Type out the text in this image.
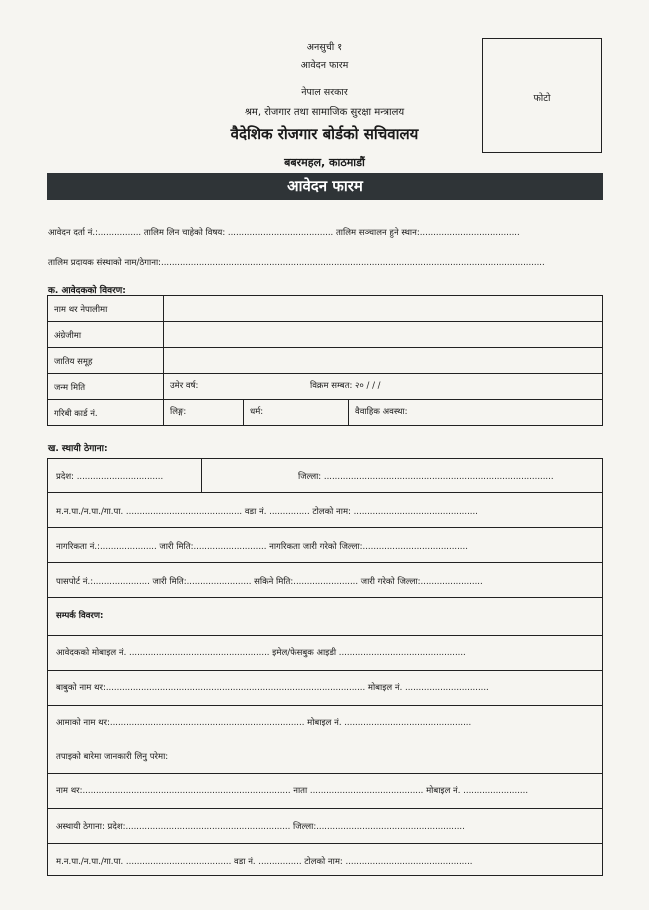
अनसुची १
आवेदन फारम
नेपाल सरकार
श्रम, रोजगार तथा सामाजिक सुरक्षा मन्त्रालय
वैदेशिक रोजगार बोर्डको सचिवालय
बबरमहल, काठमाडौं
फोटो
आवेदन फारम
आवेदन दर्ता नं.:................ तालिम लिन चाहेको विषय: ....................................... तालिम सञ्चालन हुने स्थान:.....................................
तालिम प्रदायक संस्थाको नाम/ठेगाना:..............................................................................................................................................
क. आवेदकको विवरण:
नाम थर नेपालीमा
अंग्रेजीमा
जातिय समूह
जन्म मिति	उमेर वर्ष:	विक्रम सम्बत: २० / / /
गरिबी कार्ड नं.	लिङ्ग:	धर्म:	वैवाहिक अवस्था:
ख. स्थायी ठेगाना:
प्रदेश: ................................	जिल्ला: .....................................................................................
म.न.पा./न.पा./गा.पा. ........................................... वडा नं. ............... टोलको नाम: ..............................................
नागरिकता नं.:..................... जारी मिति:........................... नागरिकता जारी गरेको जिल्ला:.......................................
पासपोर्ट नं.:..................... जारी मिति:........................ सकिने मिति:........................ जारी गरेको जिल्ला:.......................
सम्पर्क विवरण:
आवेदकको मोबाइल नं. .................................................... इमेल/फेसबुक आइडी ...............................................
बाबुको नाम थर:................................................................................................ मोबाइल नं. ...............................
आमाको नाम थर:........................................................................ मोबाइल नं. ...............................................
तपाइको बारेमा जानकारी लिनु परेमा:
नाम थर:............................................................................. नाता .......................................... मोबाइल नं. ........................
अस्थायी ठेगाना: प्रदेश:............................................................. जिल्ला:.......................................................
म.न.पा./न.पा./गा.पा. ....................................... वडा नं. ................ टोलको नाम: ...............................................
